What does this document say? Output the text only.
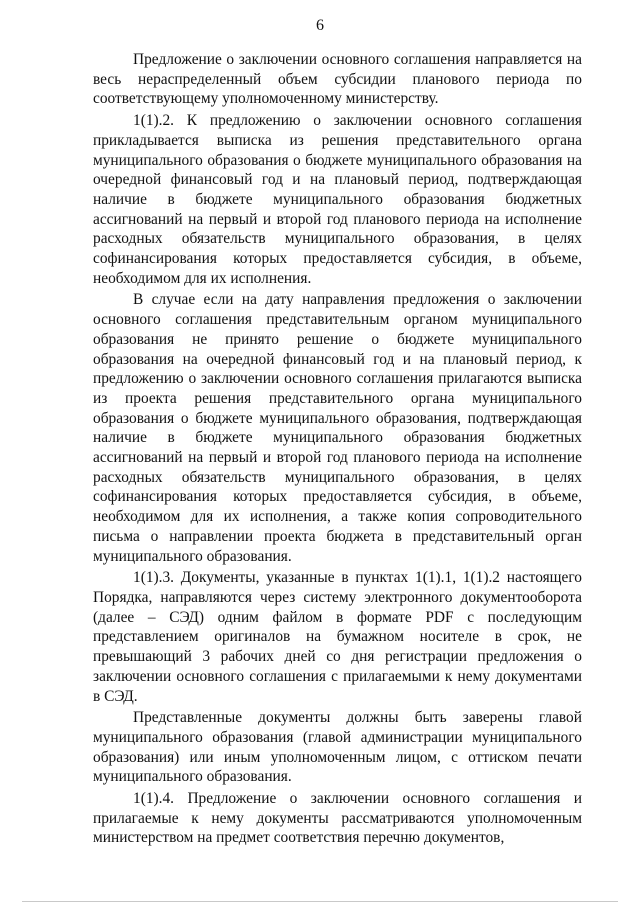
6

Предложение о заключении основного соглашения направляется на весь нераспределенный объем субсидии планового периода по соответствующему уполномоченному министерству.

1(1).2. К предложению о заключении основного соглашения прикладывается выписка из решения представительного органа муниципального образования о бюджете муниципального образования на очередной финансовый год и на плановый период, подтверждающая наличие в бюджете муниципального образования бюджетных ассигнований на первый и второй год планового периода на исполнение расходных обязательств муниципального образования, в целях софинансирования которых предоставляется субсидия, в объеме, необходимом для их исполнения.

В случае если на дату направления предложения о заключении основного соглашения представительным органом муниципального образования не принято решение о бюджете муниципального образования на очередной финансовый год и на плановый период, к предложению о заключении основного соглашения прилагаются выписка из проекта решения представительного органа муниципального образования о бюджете муниципального образования, подтверждающая наличие в бюджете муниципального образования бюджетных ассигнований на первый и второй год планового периода на исполнение расходных обязательств муниципального образования, в целях софинансирования которых предоставляется субсидия, в объеме, необходимом для их исполнения, а также копия сопроводительного письма о направлении проекта бюджета в представительный орган муниципального образования.

1(1).3. Документы, указанные в пунктах 1(1).1, 1(1).2 настоящего Порядка, направляются через систему электронного документооборота (далее – СЭД) одним файлом в формате PDF с последующим представлением оригиналов на бумажном носителе в срок, не превышающий 3 рабочих дней со дня регистрации предложения о заключении основного соглашения с прилагаемыми к нему документами в СЭД.

Представленные документы должны быть заверены главой муниципального образования (главой администрации муниципального образования) или иным уполномоченным лицом, с оттиском печати муниципального образования.

1(1).4. Предложение о заключении основного соглашения и прилагаемые к нему документы рассматриваются уполномоченным министерством на предмет соответствия перечню документов,
